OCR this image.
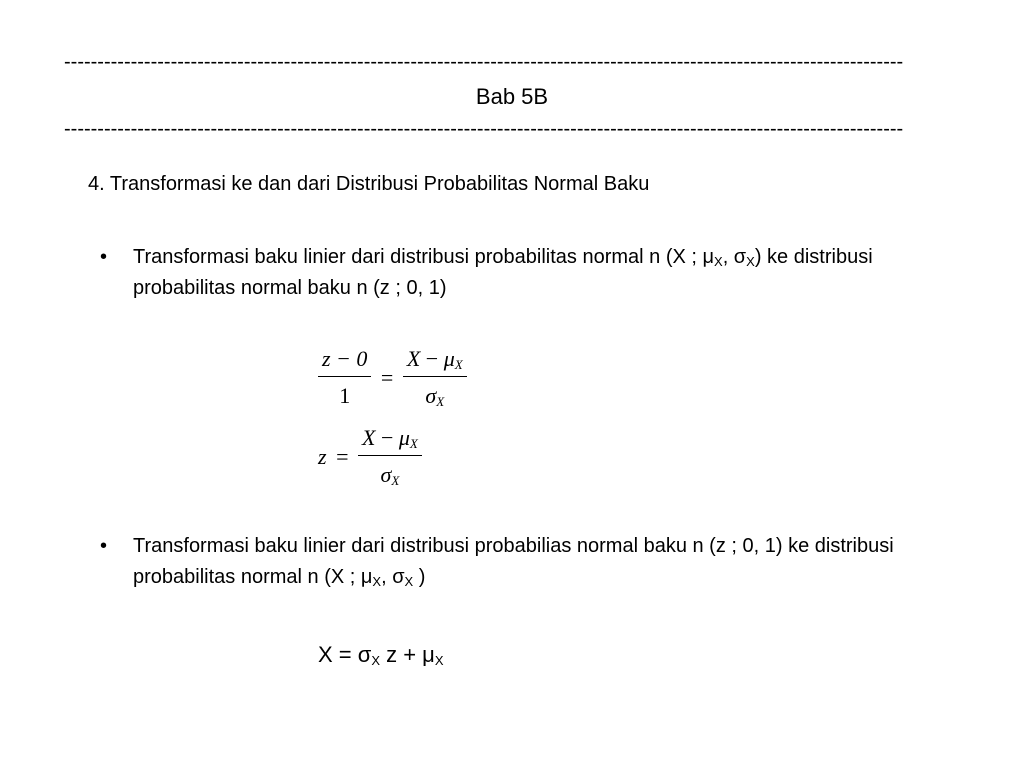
------------------------------------------------------------------------------------------------------------------------------
Bab 5B
------------------------------------------------------------------------------------------------------------------------------
4. Transformasi ke dan dari Distribusi Probabilitas Normal Baku
• Transformasi baku linier dari distribusi probabilitas normal n (X ; $\mu_X$, $\sigma_X$) ke distribusi probabilitas normal baku n (z ; 0, 1)
$\frac{z - 0}{1} = \frac{X - \mu_X}{\sigma_X}$
$z = \frac{X - \mu_X}{\sigma_X}$
• Transformasi baku linier dari distribusi probabilias normal baku n (z ; 0, 1) ke distribusi probabilitas normal n (X ; $\mu_X$, $\sigma_X$ )
$X = \sigma_X$ $z + \mu_X$
